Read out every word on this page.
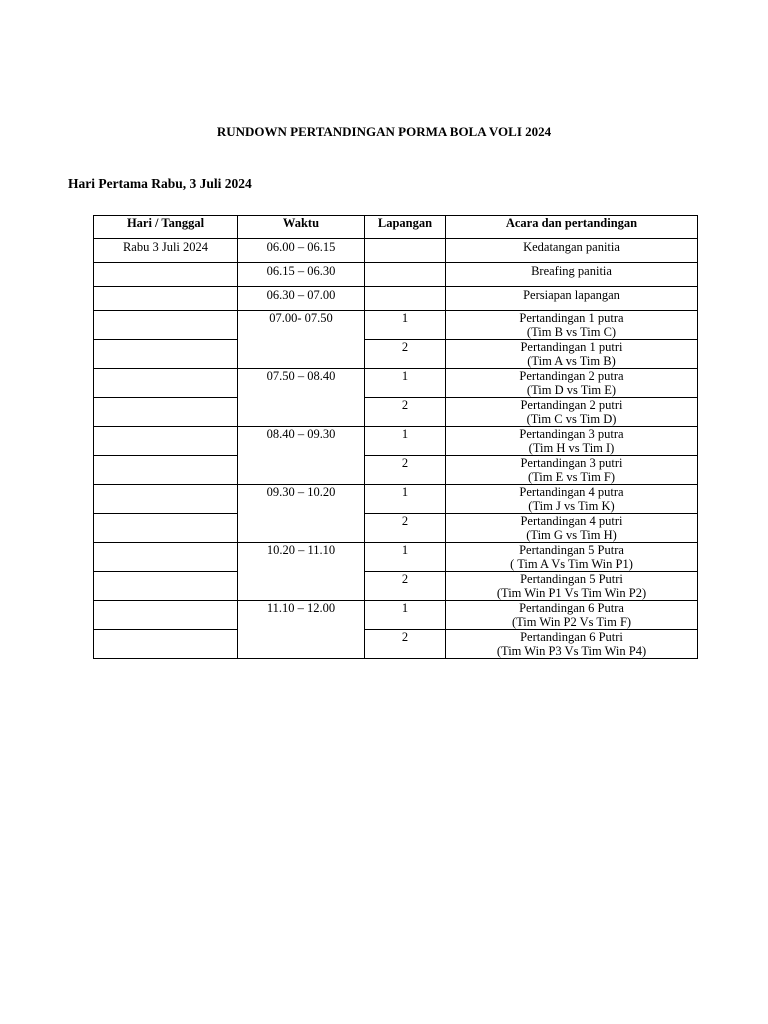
RUNDOWN PERTANDINGAN PORMA BOLA VOLI 2024
Hari Pertama Rabu, 3 Juli 2024
Hari / Tanggal	Waktu	Lapangan	Acara dan pertandingan
Rabu 3 Juli 2024	06.00 – 06.15		Kedatangan panitia
	06.15 – 06.30		Breafing panitia
	06.30 – 07.00		Persiapan lapangan
	07.00- 07.50	1	Pertandingan 1 putra
(Tim B vs Tim C)

		2	Pertandingan 1 putri
(Tim A vs Tim B)

	07.50 – 08.40	1	Pertandingan 2 putra
(Tim D vs Tim E)

		2	Pertandingan 2 putri
(Tim C vs Tim D)

	08.40 – 09.30	1	Pertandingan 3 putra
(Tim H vs Tim I)

		2	Pertandingan 3 putri
(Tim E vs Tim F)

	09.30 – 10.20	1	Pertandingan 4 putra
(Tim J vs Tim K)

		2	Pertandingan 4 putri
(Tim G vs Tim H)

	10.20 – 11.10	1	Pertandingan 5 Putra
( Tim A Vs Tim Win P1)

		2	Pertandingan 5 Putri
(Tim Win P1 Vs Tim Win P2)

	11.10 – 12.00	1	Pertandingan 6 Putra
(Tim Win P2 Vs Tim F)

		2	Pertandingan 6 Putri
(Tim Win P3 Vs Tim Win P4)
